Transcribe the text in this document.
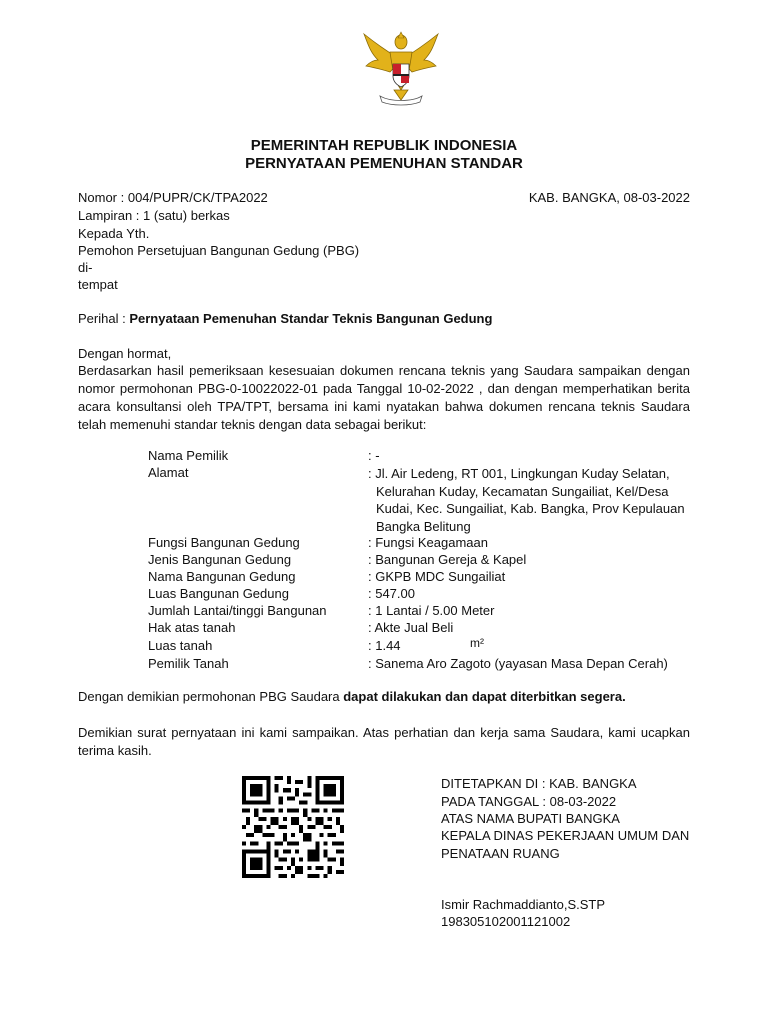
PEMERINTAH REPUBLIK INDONESIA
PERNYATAAN PEMENUHAN STANDAR
Nomor : 004/PUPR/CK/TPA2022	KAB. BANGKA, 08-03-2022
Lampiran : 1 (satu) berkas
Kepada Yth.
Pemohon Persetujuan Bangunan Gedung (PBG)
di-
tempat
Perihal : Pernyataan Pemenuhan Standar Teknis Bangunan Gedung
Dengan hormat,
Berdasarkan hasil pemeriksaan kesesuaian dokumen rencana teknis yang Saudara sampaikan dengan nomor permohonan PBG-0-10022022-01 pada Tanggal 10-02-2022 , dan dengan memperhatikan berita acara konsultansi oleh TPA/TPT, bersama ini kami nyatakan bahwa dokumen rencana teknis Saudara telah memenuhi standar teknis dengan data sebagai berikut:
Nama Pemilik	: -
Alamat	: Jl. Air Ledeng, RT 001, Lingkungan Kuday Selatan,
Kelurahan Kuday, Kecamatan Sungailiat, Kel/Desa Kudai, Kec. Sungailiat, Kab. Bangka, Prov Kepulauan Bangka Belitung
Fungsi Bangunan Gedung	: Fungsi Keagamaan
Jenis Bangunan Gedung	: Bangunan Gereja & Kapel
Nama Bangunan Gedung	: GKPB MDC Sungailiat
Luas Bangunan Gedung	: 547.00
Jumlah Lantai/tinggi Bangunan	: 1 Lantai / 5.00 Meter
Hak atas tanah	: Akte Jual Beli
Luas tanah	: 1.44	m²
Pemilik Tanah	: Sanema Aro Zagoto (yayasan Masa Depan Cerah)
Dengan demikian permohonan PBG Saudara dapat dilakukan dan dapat diterbitkan segera.
Demikian surat pernyataan ini kami sampaikan. Atas perhatian dan kerja sama Saudara, kami ucapkan terima kasih.
DITETAPKAN DI : KAB. BANGKA
PADA TANGGAL : 08-03-2022
ATAS NAMA BUPATI BANGKA
KEPALA DINAS PEKERJAAN UMUM DAN
PENATAAN RUANG
Ismir Rachmaddianto,S.STP
198305102001121002
